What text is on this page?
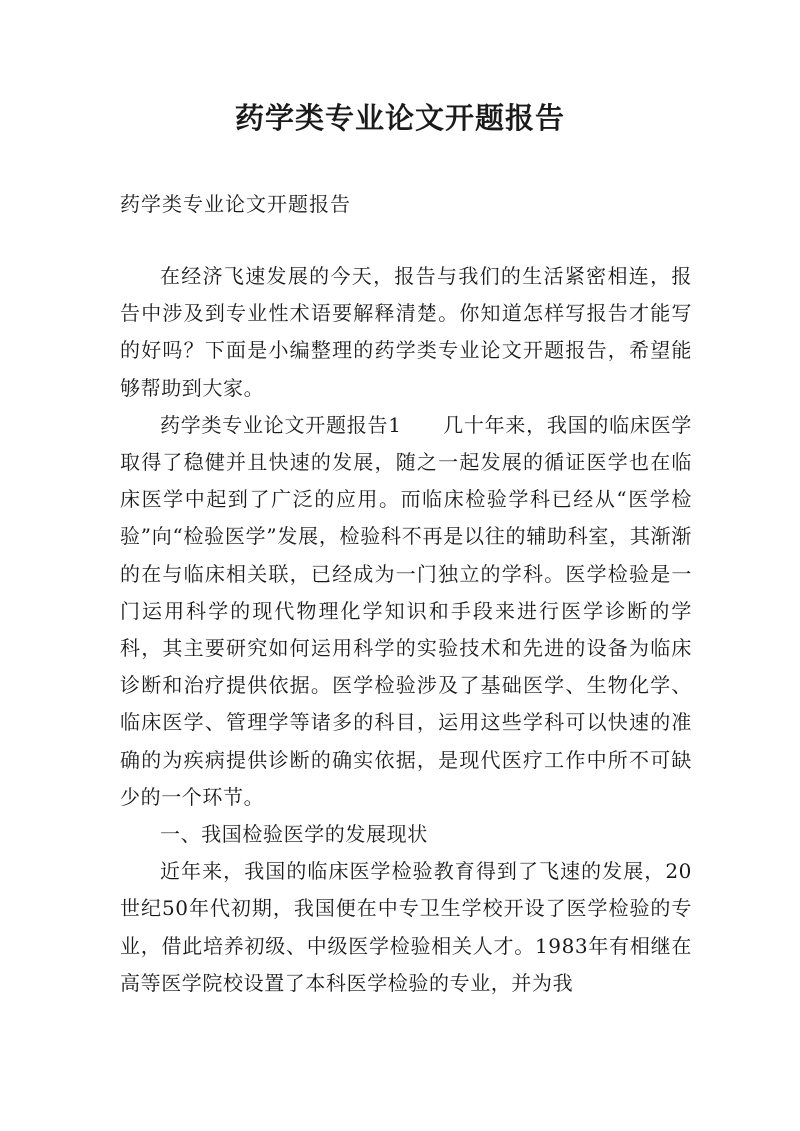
药学类专业论文开题报告

药学类专业论文开题报告

在经济飞速发展的今天，报告与我们的生活紧密相连，报告中涉及到专业性术语要解释清楚。你知道怎样写报告才能写的好吗？下面是小编整理的药学类专业论文开题报告，希望能够帮助到大家。

药学类专业论文开题报告1　　几十年来，我国的临床医学取得了稳健并且快速的发展，随之一起发展的循证医学也在临床医学中起到了广泛的应用。而临床检验学科已经从“医学检验”向“检验医学”发展，检验科不再是以往的辅助科室，其渐渐的在与临床相关联，已经成为一门独立的学科。医学检验是一门运用科学的现代物理化学知识和手段来进行医学诊断的学科，其主要研究如何运用科学的实验技术和先进的设备为临床诊断和治疗提供依据。医学检验涉及了基础医学、生物化学、临床医学、管理学等诸多的科目，运用这些学科可以快速的准确的为疾病提供诊断的确实依据，是现代医疗工作中所不可缺少的一个环节。

一、我国检验医学的发展现状

近年来，我国的临床医学检验教育得到了飞速的发展，20世纪50年代初期，我国便在中专卫生学校开设了医学检验的专业，借此培养初级、中级医学检验相关人才。1983年有相继在高等医学院校设置了本科医学检验的专业，并为我
